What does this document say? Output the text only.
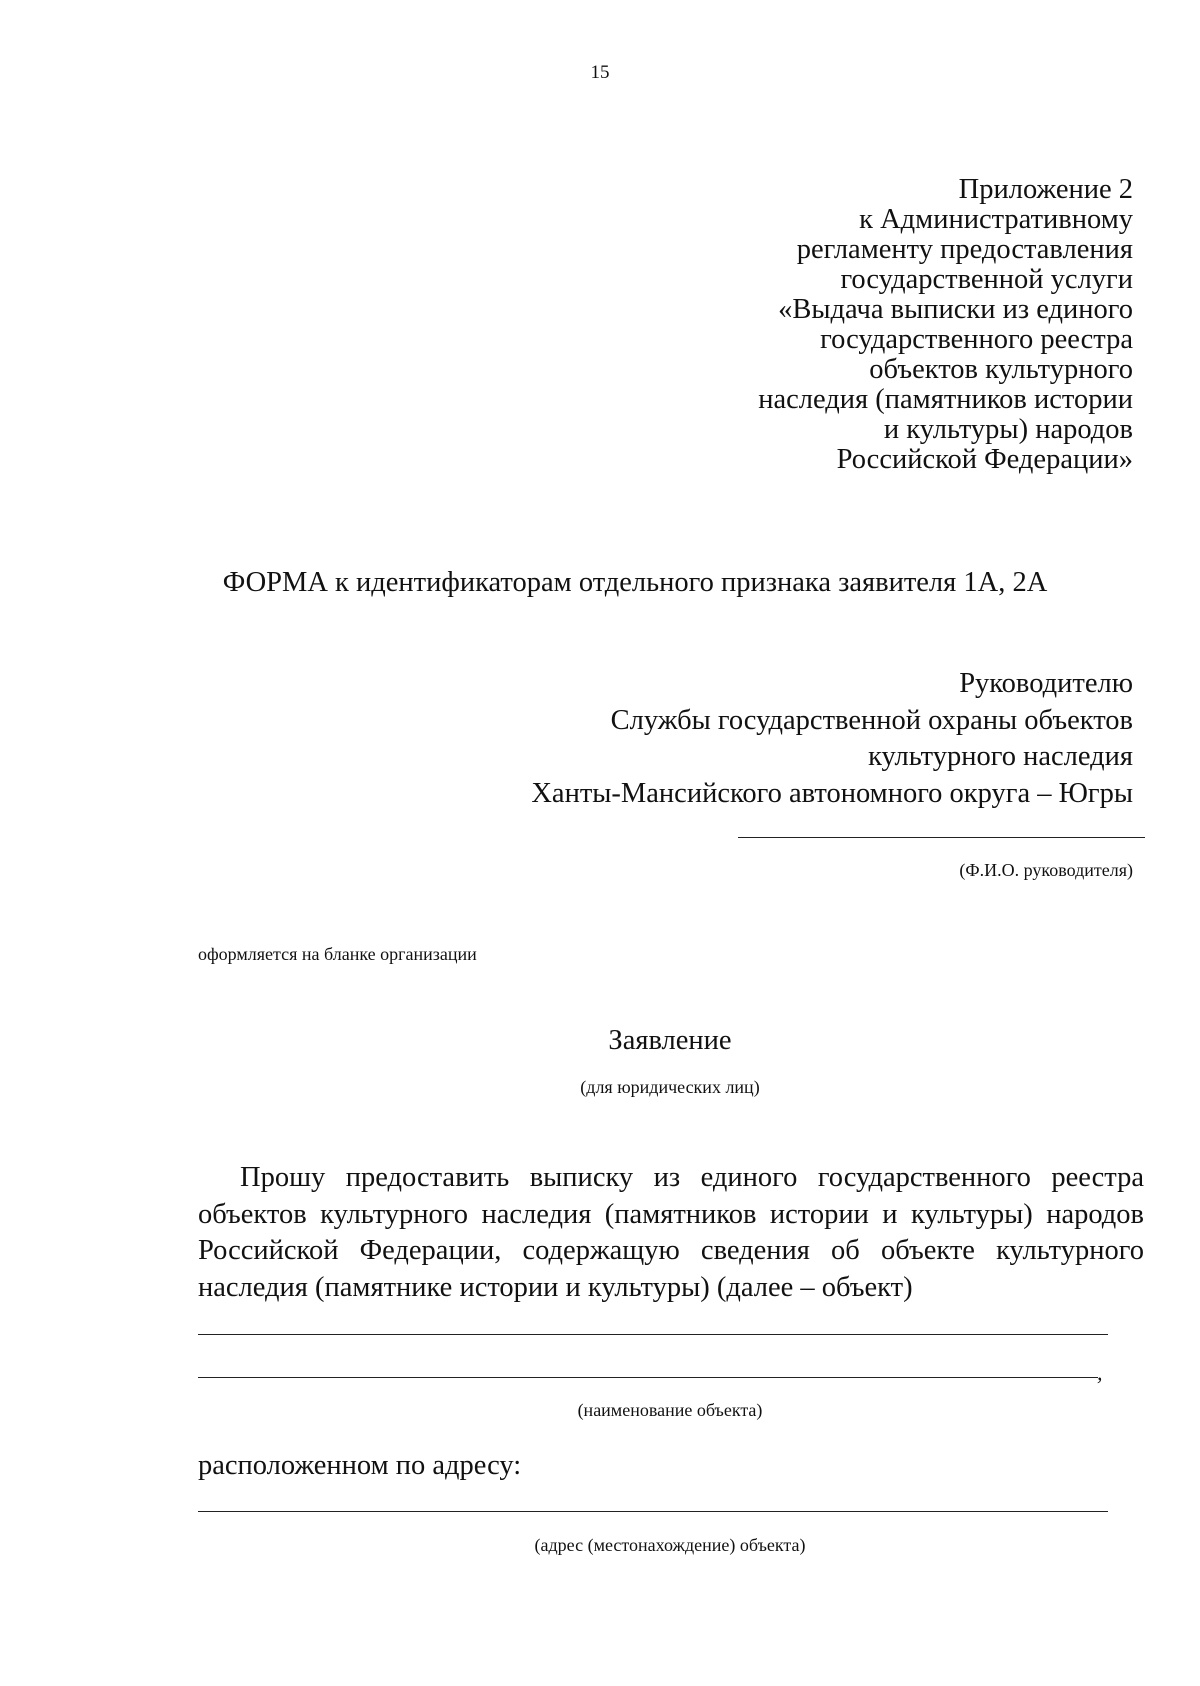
15
Приложение 2
к Административному
регламенту предоставления
государственной услуги
«Выдача выписки из единого
государственного реестра
объектов культурного
наследия (памятников истории
и культуры) народов
Российской Федерации»
ФОРМА к идентификаторам отдельного признака заявителя 1А, 2А
Руководителю
Службы государственной охраны объектов
культурного наследия
Ханты-Мансийского автономного округа – Югры
(Ф.И.О. руководителя)
оформляется на бланке организации
Заявление
(для юридических лиц)
Прошу предоставить выписку из единого государственного реестра объектов культурного наследия (памятников истории и культуры) народов Российской Федерации, содержащую сведения об объекте культурного наследия (памятнике истории и культуры) (далее – объект)
,
(наименование объекта)
расположенном по адресу:
(адрес (местонахождение) объекта)
